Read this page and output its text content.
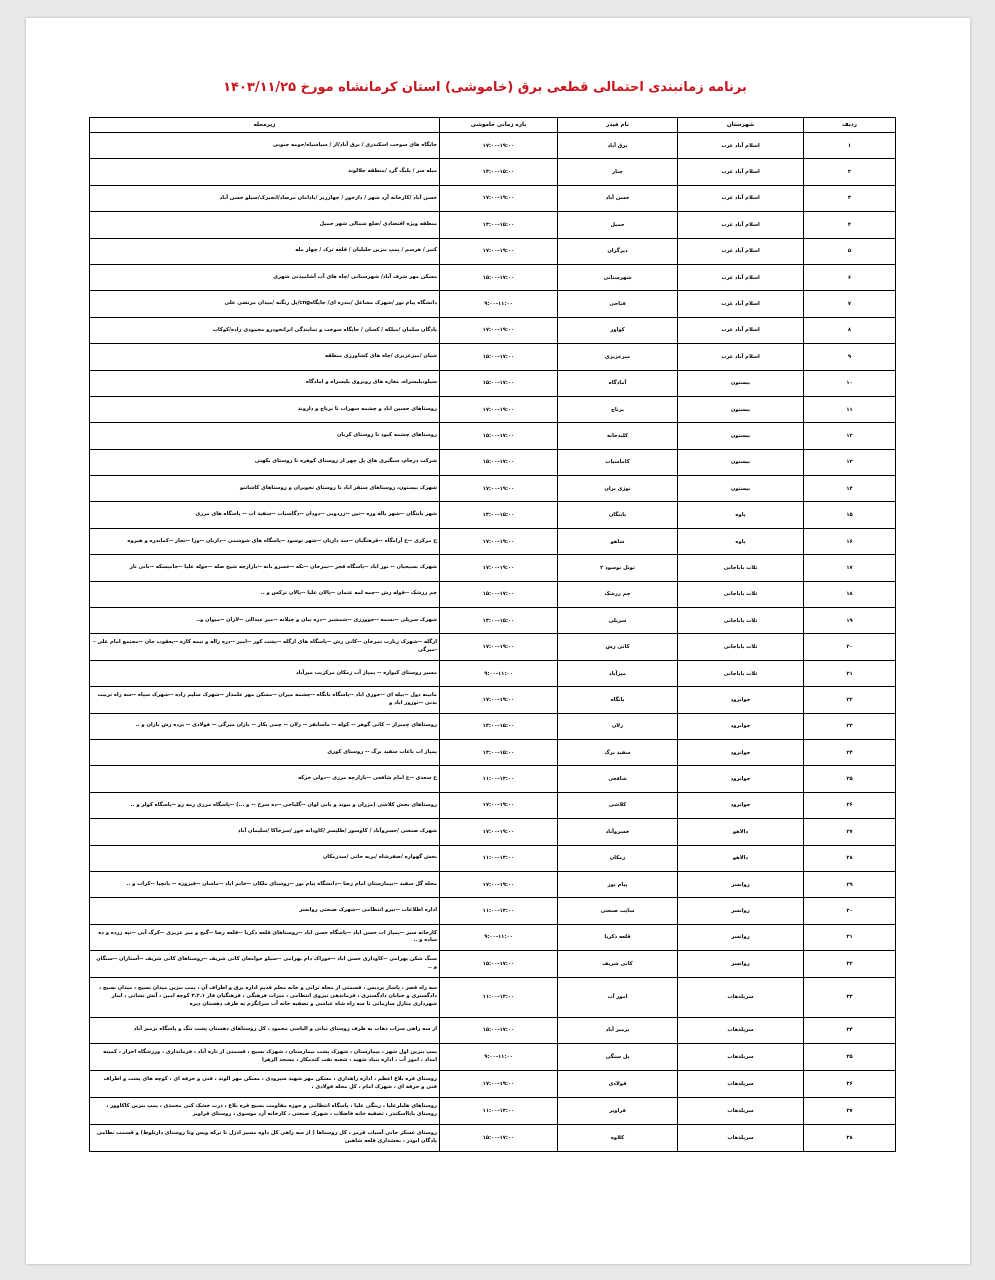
برنامه زمانبندی احتمالی قطعی برق (خاموشی) استان کرمانشاه مورخ ۱۴۰۳/۱۱/۲۵
ردیف	شهرستان	نام فیدر	بازه زمانی خاموشی	زیرمحله
۱	اسلام آباد غرب	برق آباد	۱۷:۰۰-۱۹:۰۰	جایگاه های سوخت اسکندری / برق آباد/از / سیاسیاه/حومه جنوبی
۲	اسلام آباد غرب	چنار	۱۳:۰۰-۱۵:۰۰	میله سر / پلنگ گرد /منطقه جلالوند
۳	اسلام آباد غرب	حسن آباد	۱۷:۰۰-۱۹:۰۰	حسن آباد /کارخانه آرد شهر / دارخور / چهارزبر /بادامان مرصاد/انجیرک/سیلو حسن آباد
۴	اسلام آباد غرب	حمیل	۱۳:۰۰-۱۵:۰۰	منطقه ویژه اقتصادی /ضلع شمالی شهر حمیل
۵	اسلام آباد غرب	دیزگران	۱۷:۰۰-۱۹:۰۰	کنیر / هرسم / پمپ بنزین جلیلیان / قلعه ترک / چهار مله
۶	اسلام آباد غرب	شهرستانی	۱۵:۰۰-۱۷:۰۰	مسکن مهر شرف آباد/ شهرستانی /چاه های آب آشامیدنی شهری
۷	اسلام آباد غرب	فتاحی	۹:۰۰-۱۱:۰۰	دانشگاه پیام نور /شهرک مشاغل /بندره ای/ جایگاهcng/پل زنگنه /میدان مرتضی علی
۸	اسلام آباد غرب	کواور	۱۷:۰۰-۱۹:۰۰	پادگان سلمان /میلکه / کسان / جایگاه سوخت و نمایندگی ایرانخودرو محمودی زاده/کوکاب
۹	اسلام آباد غرب	میرعزیزی	۱۵:۰۰-۱۷:۰۰	شیان /میرعزیزی /چاه های کشاورزی منطقه
۱۰	بیستون	آمادگاه	۱۵:۰۰-۱۷:۰۰	سیلو،پلیسراه، مغازه های روبروی پلیسراه و امادگاه
۱۱	بیستون	برناج	۱۷:۰۰-۱۹:۰۰	روستاهای حسین اباد و چشمه سهراب تا برناج و داروند
۱۲	بیستون	کلیدخانه	۱۵:۰۰-۱۷:۰۰	روستاهای چشمه کبود تا روستای کربان
۱۳	بیستون	کاماسیاب	۱۵:۰۰-۱۷:۰۰	شرکت درجام، سنگبری های پل چهر از روستای کوهره تا روستای یکهنی
۱۴	بیستون	نوژی بران	۱۷:۰۰-۱۹:۰۰	شهرک بیستون، روستاهای سنقر اباد تا روستای نجوبران و روستاهای کاشانتو
۱۵	پاوه	بابنگان	۱۳:۰۰-۱۵:۰۰	شهر بابنگان --شهر باله وره --تین --زردویی --دودان --دگاسیاب --سفید اب -- پاسگاه های مرزی
۱۶	پاوه	شاهو	۱۷:۰۰-۱۹:۰۰	ح مرکزی --ح آرامگاه --فرهنگیان --سد داریان --شهر نوسود --پاسگاه های شوشمی --داریان --ورا --نجار --کماندره و هیروه
۱۷	ثلاث باباجانی	تونل نوسود ۲	۱۷:۰۰-۱۹:۰۰	شهرک بسیجیان -- نور اباد --پاسگاه قجر --تمرخان --تکه --خسرو بانه --بازارچه شیخ صله --جوله علیا --جامیسکه --بانی نار
۱۸	ثلاث باباجانی	چم زرشک	۱۵:۰۰-۱۷:۰۰	چم زرشک --قوله رش --چمه لمه عثمان --پالان علیا --پالان ترکس و ..
۱۹	ثلاث باباجانی	سرپلی	۱۳:۰۰-۱۵:۰۰	شهرک سرپلی --نسمه --جوورزی --شمشیر --دره بیان و چیلانه --میر عبدالی --لاران --میوان و..
۲۰	ثلاث باباجانی	کانی رش	۱۷:۰۰-۱۹:۰۰	ازگله --شهرک زیارت تمرخان --کانی رش --پاسگاه های ازگله --پشت کور --امیر --دره زاله و نیمه کاره --یعقوب جان --مجتمع امام علی --میرگی
۲۱	ثلاث باباجانی	میرآباد	۹:۰۰-۱۱:۰۰	مسیر روستای کیواره -- پمپاژ آب زمکان مرکزیت میرآباد
۲۲	جوانرود	بانگاه	۱۷:۰۰-۱۹:۰۰	مابینه دول --بیله ای --جوری اباد --پاسگاه بانگاه --چشمه میران --مسکن مهر علمدار --شهرک سلیم زاده --شهرک سپاه --سه راه تربیت بدنی --نوروز اباد و
۲۳	جوانرود	زلان	۱۳:۰۰-۱۵:۰۰	روستاهای چمبزار -- کانی گوهر -- کوله -- ماسانفر -- زلان -- چمی بکار -- بازان میرگی -- فولادی -- برده رش بازان و ..
۲۴	جوانرود	سفید برگ	۱۳:۰۰-۱۵:۰۰	پمپاژ اب باغات سفید برگ -- روستای کوری
۲۵	جوانرود	شافعی	۱۱:۰۰-۱۳:۰۰	ح سعدی --ح امام شافعی --بازارچه مرزی --دولی خرکه
۲۶	جوانرود	کلاشی	۱۷:۰۰-۱۹:۰۰	روستاهای بخش کلاشی (مزران و بیوند و بانی لوان --گلیاخی --ده سرخ -- و ...) --پاسگاه مرزی رمه رو --پاسگاه کولر و ..
۲۷	دالاهو	خسروآباد	۱۷:۰۰-۱۹:۰۰	شهرک صنعتی /خسروآباد / کاوسور /طلیسر /کاودانه خور /سرجاکا /سلیمان آباد
۲۸	دالاهو	زمکان	۱۱:۰۰-۱۳:۰۰	بخش گهواره /صفرشاه /بریه خانی /سدزمکان
۲۹	روانسر	پیام نور	۱۷:۰۰-۱۹:۰۰	محله گل سفید --بیمارستان امام رضا --دانشگاه پیام نور --روستای ملکان --خانم اباد --ماسان --فیروزه -- بانچیا --کراب و ..
۳۰	روانسر	سایت صنعتی	۱۱:۰۰-۱۳:۰۰	اداره اطلاعات --نیرو انتظامی --شهرک صنعتی روانسر
۳۱	روانسر	قلعه ذکریا	۹:۰۰-۱۱:۰۰	کارخانه سیر --پمپاژ اب حسن اباد --پاسگاه حسن اباد --روستاهای قلعه ذکریا --قلعه رضا --گیج و میر عزیزی --کرگ آبی --تپه زرده و ده ساده و ..
۳۲	روانسر	کانی شریف	۱۵:۰۰-۱۷:۰۰	سنگ شکن بهرامی --کاوداری حسن اباد --خوراک دام بهرامی --سیلو جوامعان کانی شریف --روستاهای کانی شریف --آستاران --سنگان و ..
۳۳	سرپلذهاب	امور آب	۱۱:۰۰-۱۳:۰۰	سه راه قصر ، پاساژ پردیس ، قسمتی از محله ترابی و خانه معلم قدیم اداره برق و اطراف آن ، پمپ بنزین میدان بسیج ، میدان بسیج ، دادگستری و خیابان دادگستری ، فرماندهی نیروی انتظامی ، میراث فرهنگی ، فرهنگیان فاز ۳.۲.۱ کوچه امین ، آتش نشانی ، انبار شهرداری منازل سازمانی تا سه راه شاه عباسی و تصفیه خانه آب سرابگرم به طرف دهستان دیره
۳۴	سرپلذهاب	بزمیر آباد	۱۵:۰۰-۱۷:۰۰	از سه راهی سراب ذهاب به طرف روستای نیانی و الیاسی محمود ، کل روستاهای دهستان پشت تنگ و پاسگاه بزمیر آباد
۳۵	سرپلذهاب	پل سنگی	۹:۰۰-۱۱:۰۰	پمپ بنزین اول شهر ، بیمارستان ، شهرک پشت بیمارستان ، شهرک بسیج ، قسمتی از تازه آباد ، فرمانداری ، ورزشگاه احرار ، کمیته امداد ، امور آب ، اداره بنیاد شهید ، شعبه نفت کندمکار ، مسجد الزهرا
۳۶	سرپلذهاب	فولادی	۱۷:۰۰-۱۹:۰۰	روستای قره بلاغ اعظم ، اداره راهداری ، مسکن مهر شهید شیرودی ، مسکن مهر الوند ، فنی و حرفه ای ، کوچه های پشت و اطراف فنی و حرفه ای ، شهرک امام ، کل محله فولادی ،
۳۷	سرپلذهاب	قراویز	۱۱:۰۰-۱۳:۰۰	روستاهای هلیلرعلیا ، زینگی علیا ، پاسگاه انتظامی و حوزه مقاومت بسیج قره بلاغ ، ذرت خشک کنی محمدی ، پمپ بنزین کاکاوور ، روستای بابااسکندر ، تصفیه خانه فاضلاب ، شهرک صنعتی ، کارخانه آرد موسوی ، روستای قراویز
۳۸	سرپلذهاب	کلاوه	۱۵:۰۰-۱۷:۰۰	روستای عسکر خانی آسیاب قرمز ، کل روستاها ( از سه راهی کل داوه مسیر اذرل تا ترکه ویس وتا روستای دارتلوط) و قسمت نظامی پادگان ابوذر ، بخشداری قلعه شاهین
